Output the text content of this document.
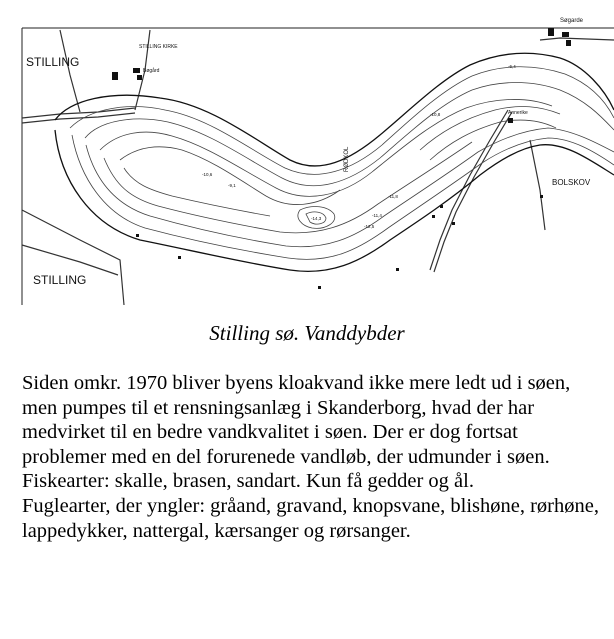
STILLING
STILLING
STILLING KIRKE
Bøgård
Søgarde
Annerike
BOLSKOV
RØDKOL
-10,6
-14,3
-10,8
-11,4
-11,8
-12,5
-9,1
-6,4
Stilling sø. Vanddybder

Siden omkr. 1970 bliver byens kloakvand ikke mere ledt ud i søen, men pumpes til et rensningsanlæg i Skanderborg, hvad der har medvirket til en bedre vandkvalitet i søen. Der er dog fortsat problemer med en del forurenede vandløb, der udmunder i søen.

Fiskearter: skalle, brasen, sandart. Kun få gedder og ål.

Fuglearter, der yngler: gråand, gravand, knopsvane, blishøne, rørhøne, lappedykker, nattergal, kærsanger og rørsanger.
